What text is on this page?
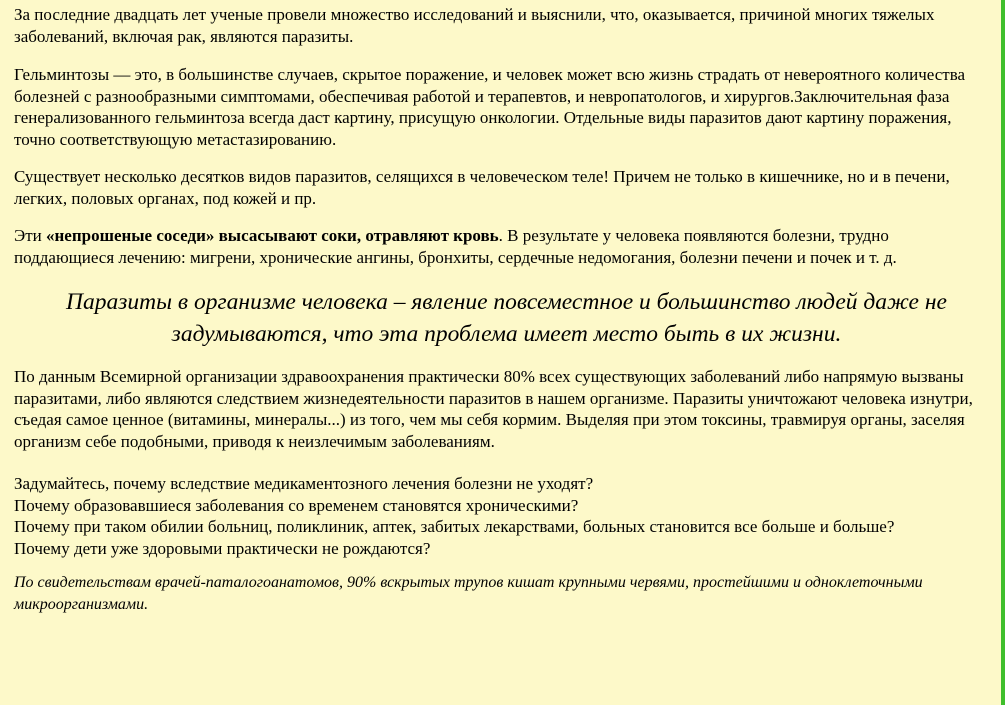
За последние двадцать лет ученые провели множество исследований и выяснили, что, оказывается, причиной многих тяжелых заболеваний, включая рак, являются паразиты.

Гельминтозы — это, в большинстве случаев, скрытое поражение, и человек может всю жизнь страдать от невероятного количества болезней с разнообразными симптомами, обеспечивая работой и терапевтов, и невропатологов, и хирургов.Заключительная фаза генерализованного гельминтоза всегда даст картину, присущую онкологии. Отдельные виды паразитов дают картину поражения, точно соответствующую метастазированию.

Существует несколько десятков видов паразитов, селящихся в человеческом теле! Причем не только в кишечнике, но и в печени, легких, половых органах, под кожей и пр.

Эти «непрошеные соседи» высасывают соки, отравляют кровь. В результате у человека появляются болезни, трудно поддающиеся лечению: мигрени, хронические ангины, бронхиты, сердечные недомогания, болезни печени и почек и т. д.

Паразиты в организме человека – явление повсеместное и большинство людей даже не задумываются, что эта проблема имеет место быть в их жизни.

По данным Всемирной организации здравоохранения практически 80% всех существующих заболеваний либо напрямую вызваны паразитами, либо являются следствием жизнедеятельности паразитов в нашем организме. Паразиты уничтожают человека изнутри, съедая самое ценное (витамины, минералы...) из того, чем мы себя кормим. Выделяя при этом токсины, травмируя органы, заселяя организм себе подобными, приводя к неизлечимым заболеваниям.

Задумайтесь, почему вследствие медикаментозного лечения болезни не уходят?
Почему образовавшиеся заболевания со временем становятся хроническими?
Почему при таком обилии больниц, поликлиник, аптек, забитых лекарствами, больных становится все больше и больше?
Почему дети уже здоровыми практически не рождаются?

По свидетельствам врачей-паталогоанатомов, 90% вскрытых трупов кишат крупными червями, простейшими и одноклеточными микроорганизмами.
